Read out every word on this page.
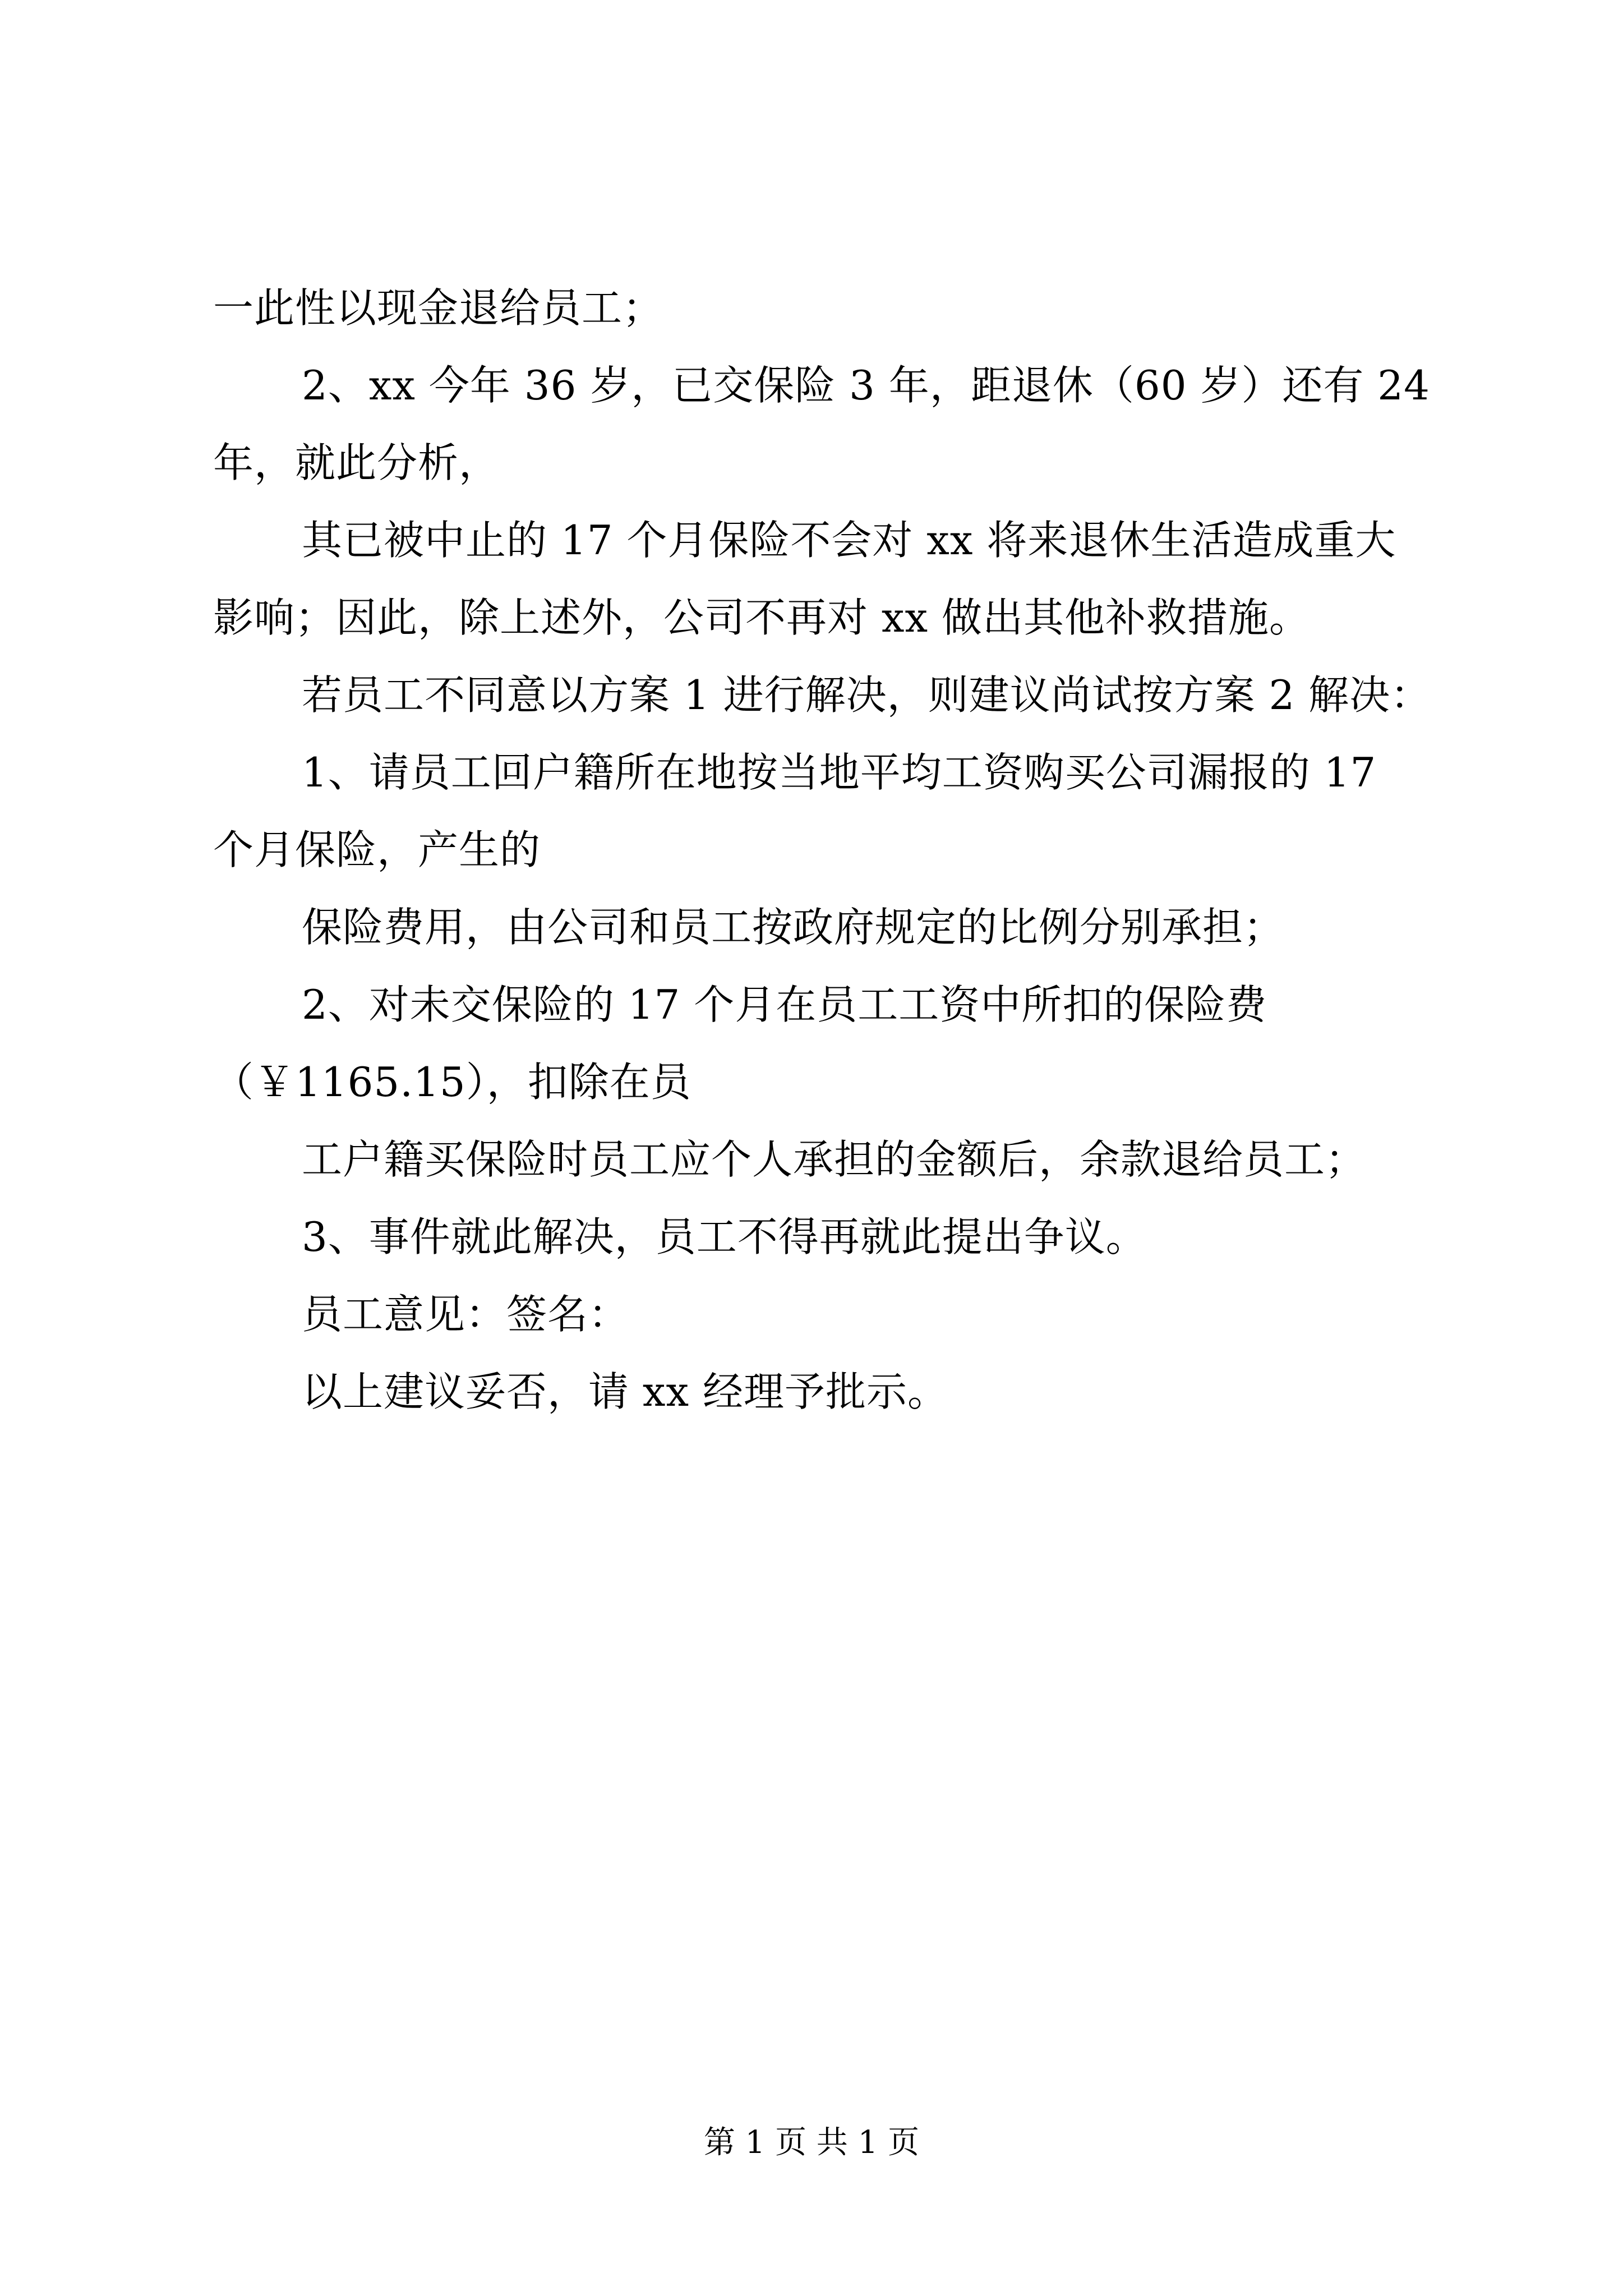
一此性以现金退给员工；
2、xx 今年 36 岁，已交保险 3 年，距退休（60 岁）还有 24
年，就此分析，
其已被中止的 17 个月保险不会对 xx 将来退休生活造成重大
影响；因此，除上述外，公司不再对 xx 做出其他补救措施。
若员工不同意以方案 1 进行解决，则建议尚试按方案 2 解决：
1、请员工回户籍所在地按当地平均工资购买公司漏报的 17
个月保险，产生的
保险费用，由公司和员工按政府规定的比例分别承担；
2、对未交保险的 17 个月在员工工资中所扣的保险费
（￥1165.15），扣除在员
工户籍买保险时员工应个人承担的金额后，余款退给员工；
3、事件就此解决，员工不得再就此提出争议。
员工意见：签名：
以上建议妥否，请 xx 经理予批示。
第 1 页 共 1 页
